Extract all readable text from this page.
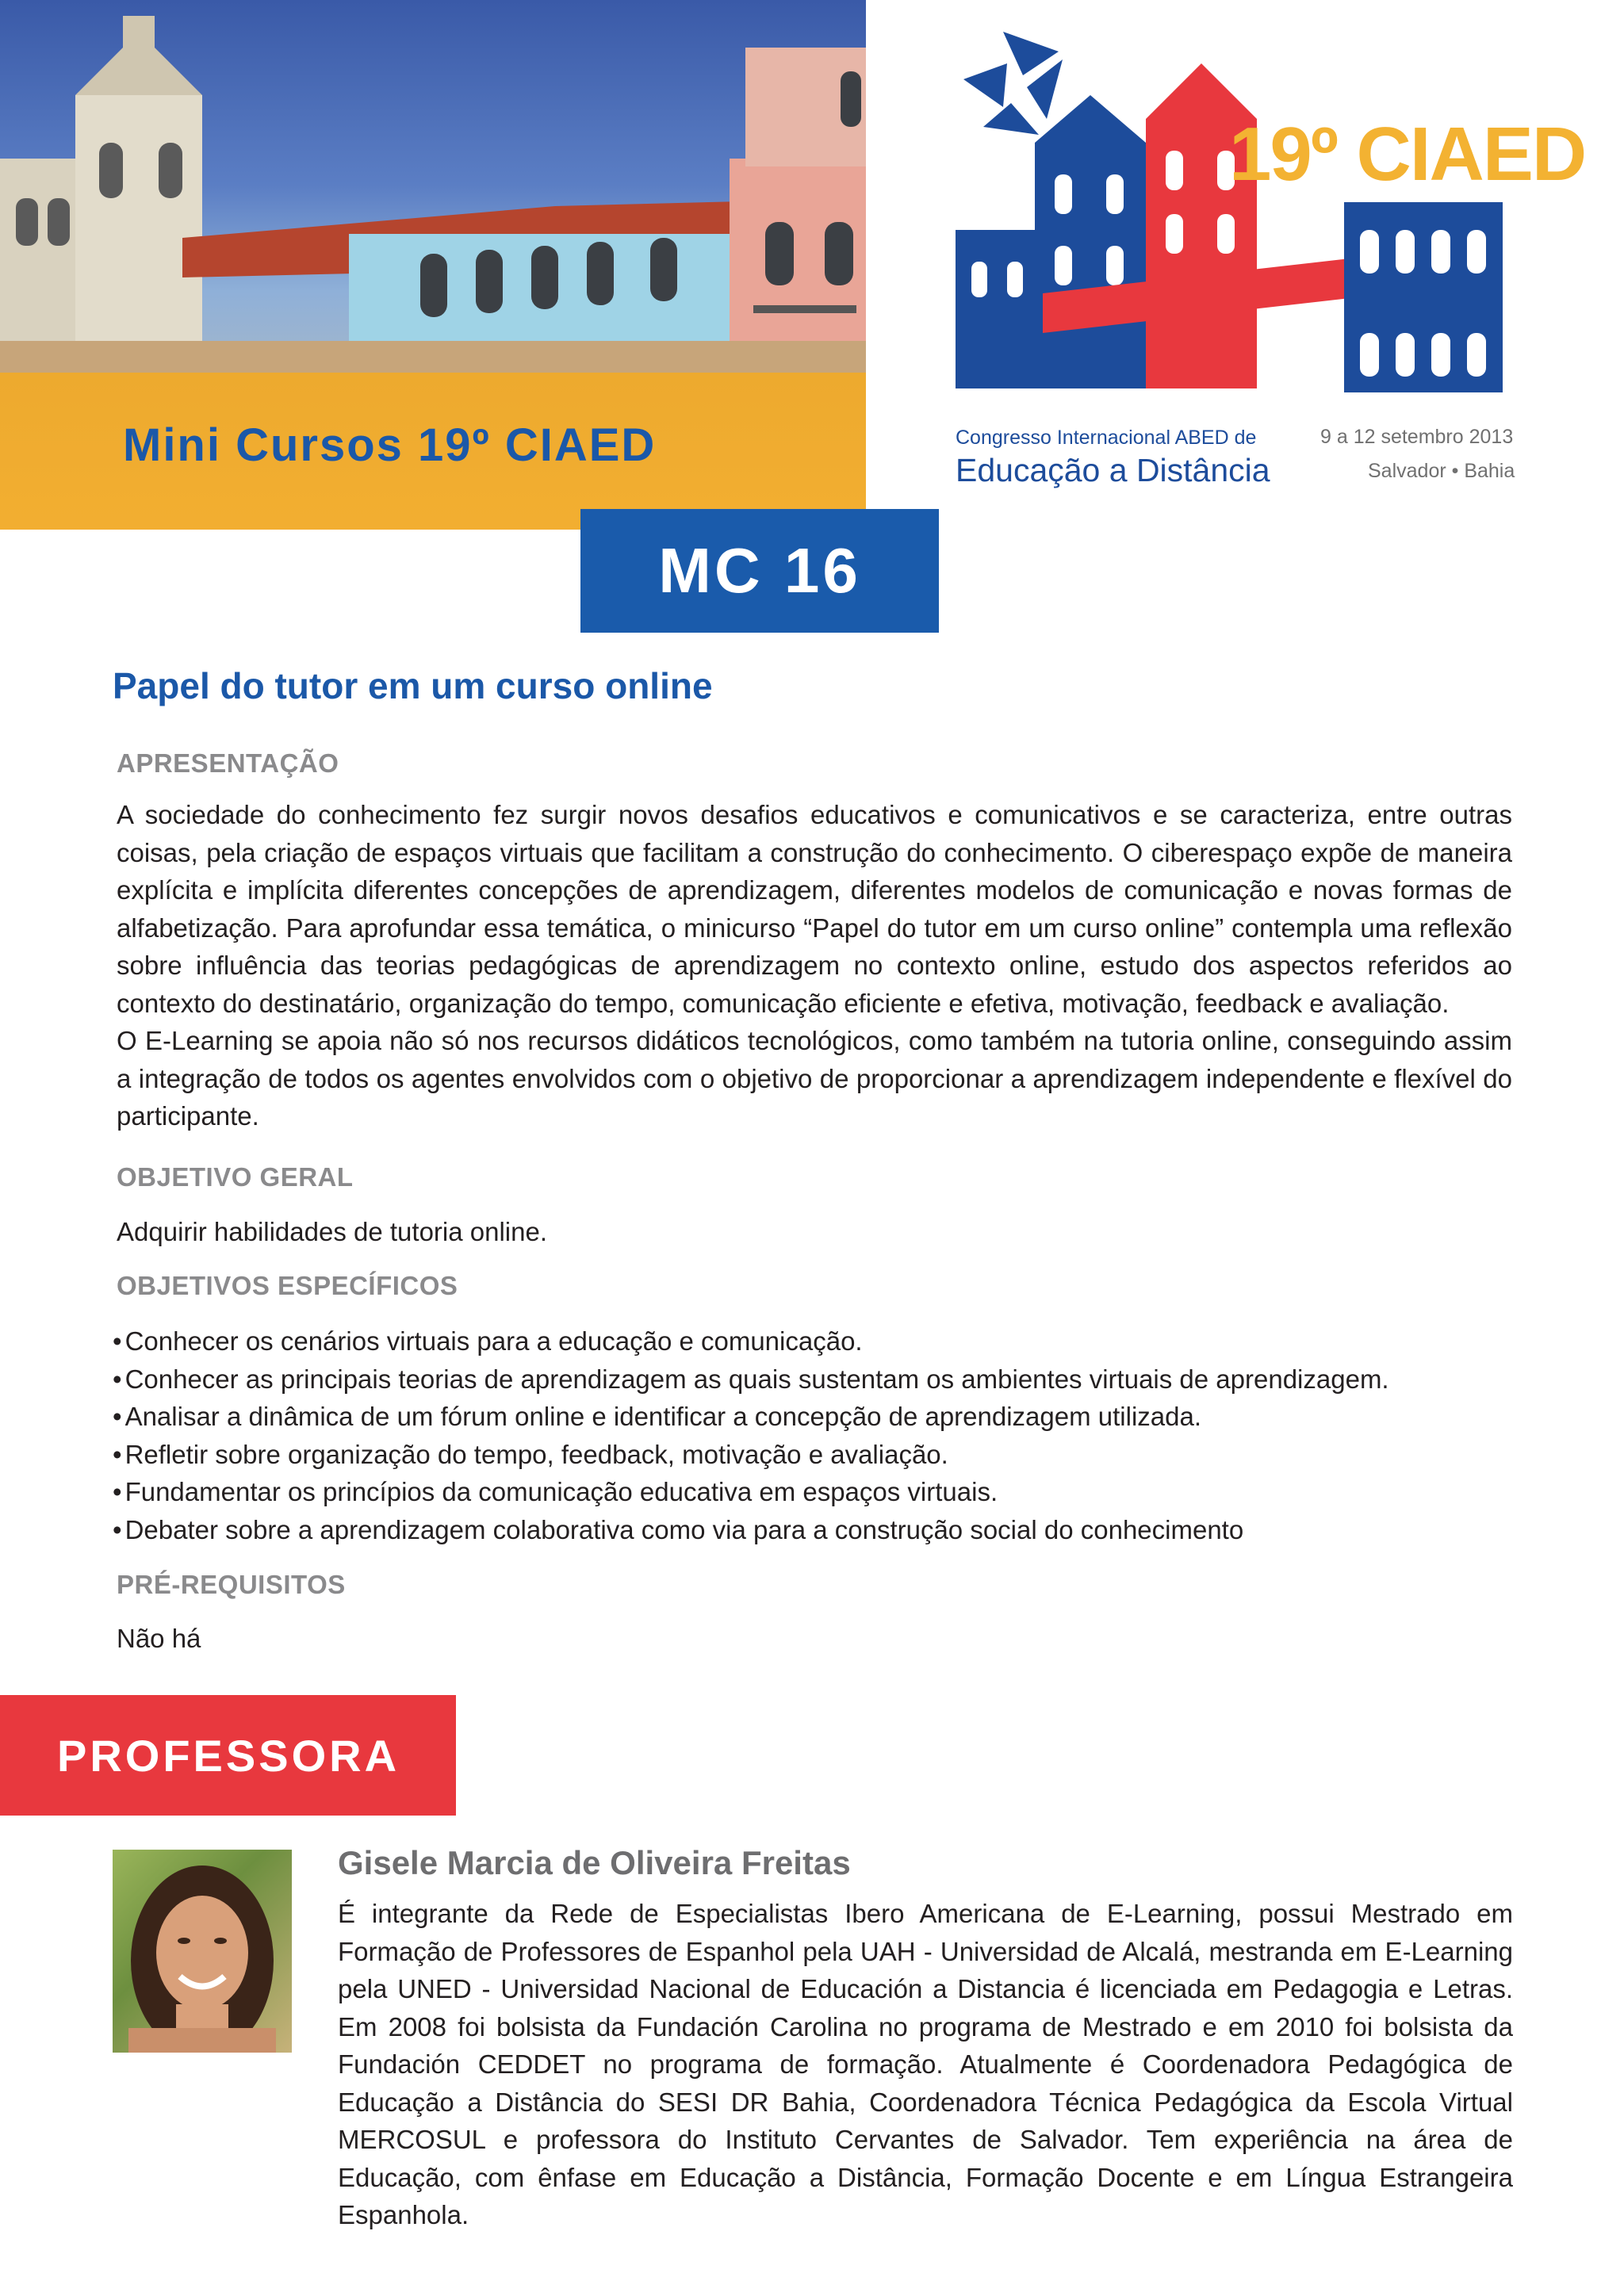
Mini Cursos 19º CIAED
19º CIAED
Congresso Internacional ABED de
Educação a Distância
9 a 12 setembro 2013
Salvador • Bahia
MC 16
Papel do tutor em um curso online
APRESENTAÇÃO

A sociedade do conhecimento fez surgir novos desafios educativos e comunicativos e se caracteriza, entre outras coisas, pela criação de espaços virtuais que facilitam a construção do conhecimento. O ciberespaço expõe de maneira explícita e implícita diferentes concepções de aprendizagem, diferentes modelos de comunicação e novas formas de alfabetização. Para aprofundar essa temática, o minicurso “Papel do tutor em um curso online” contempla uma reflexão sobre influência das teorias pedagógicas de aprendizagem no contexto online, estudo dos aspectos referidos ao contexto do destinatário, organização do tempo, comunicação eficiente e efetiva, motivação, feedback e avaliação.

O E-Learning se apoia não só nos recursos didáticos tecnológicos, como também na tutoria online, conseguindo assim a integração de todos os agentes envolvidos com o objetivo de proporcionar a aprendizagem independente e flexível do participante.

OBJETIVO GERAL
Adquirir habilidades de tutoria online.
OBJETIVOS ESPECÍFICOS
• Conhecer os cenários virtuais para a educação e comunicação.
• Conhecer as principais teorias de aprendizagem as quais sustentam os ambientes virtuais de aprendizagem.
• Analisar a dinâmica de um fórum online e identificar a concepção de aprendizagem utilizada.
• Refletir sobre organização do tempo, feedback, motivação e avaliação.
• Fundamentar os princípios da comunicação educativa em espaços virtuais.
• Debater sobre a aprendizagem colaborativa como via para a construção social do conhecimento
PRÉ-REQUISITOS
Não há
PROFESSORA
Gisele Marcia de Oliveira Freitas

É integrante da Rede de Especialistas Ibero Americana de E-Learning, possui Mestrado em Formação de Professores de Espanhol pela UAH - Universidad de Alcalá, mestranda em E-Learning pela UNED - Universidad Nacional de Educación a Distancia é licenciada em Pedagogia e Letras. Em 2008 foi bolsista da Fundación Carolina no programa de Mestrado e em 2010 foi bolsista da Fundación CEDDET no programa de formação. Atualmente é Coordenadora Pedagógica de Educação a Distância do SESI DR Bahia, Coordenadora Técnica Pedagógica da Escola Virtual MERCOSUL e professora do Instituto Cervantes de Salvador. Tem experiência na área de Educação, com ênfase em Educação a Distância, Formação Docente e em Língua Estrangeira Espanhola.
